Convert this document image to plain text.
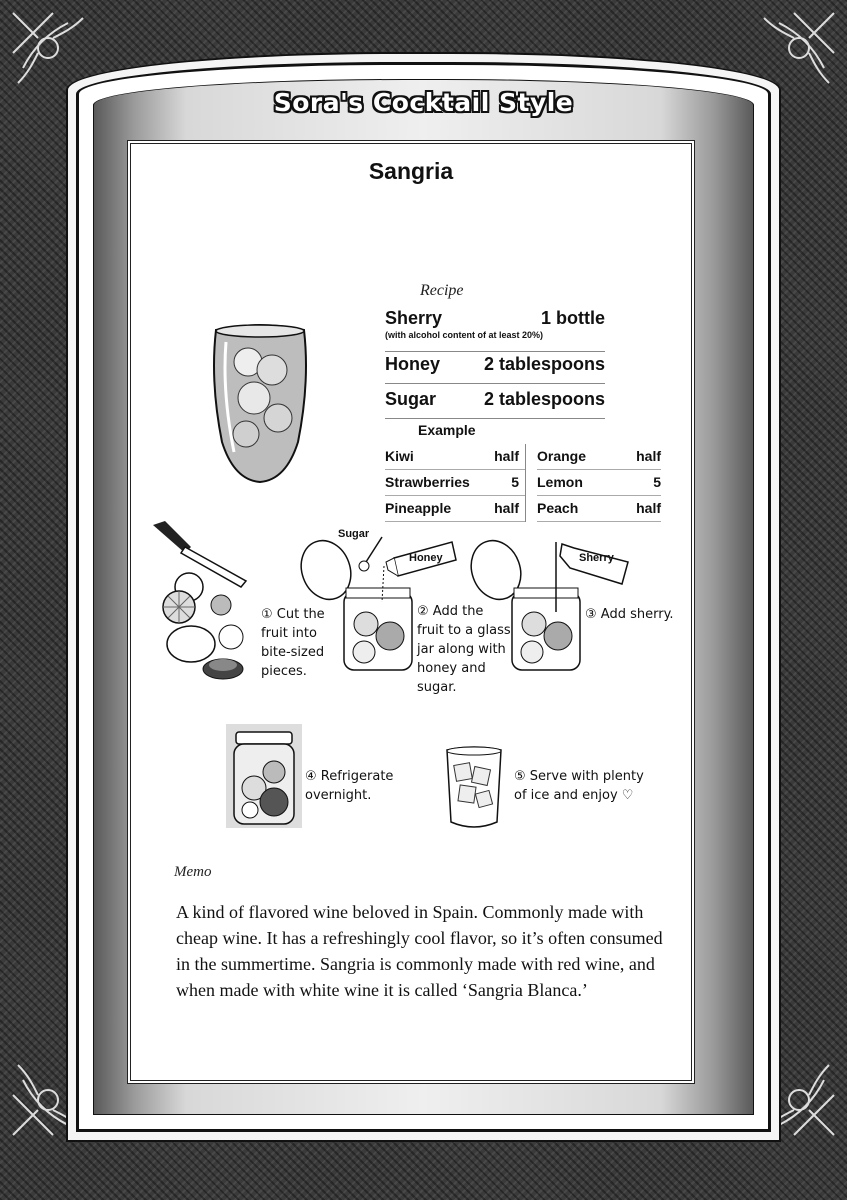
Sora's Cocktail Style
Sangria
Recipe
Sherry	1 bottle
(with alcohol content of at least 20%)
Honey 2 tablespoons
Sugar	2 tablespoons
Example
Kiwi	half
Strawberries	5
Pineapple	half
Orange	half
Lemon	5
Peach	half
① Cut the
fruit into
bite-sized
pieces.
Sugar
Honey
② Add the
fruit to a glass
jar along with
honey and
sugar.
Sherry
③ Add sherry.
④ Refrigerate
overnight.
⑤ Serve with plenty
of ice and enjoy ♡
Memo
A kind of flavored wine beloved in Spain. Commonly made with cheap wine. It has a refreshingly cool flavor, so it’s often consumed in the summertime. Sangria is commonly made with red wine, and when made with white wine it is called ‘Sangria Blanca.’
